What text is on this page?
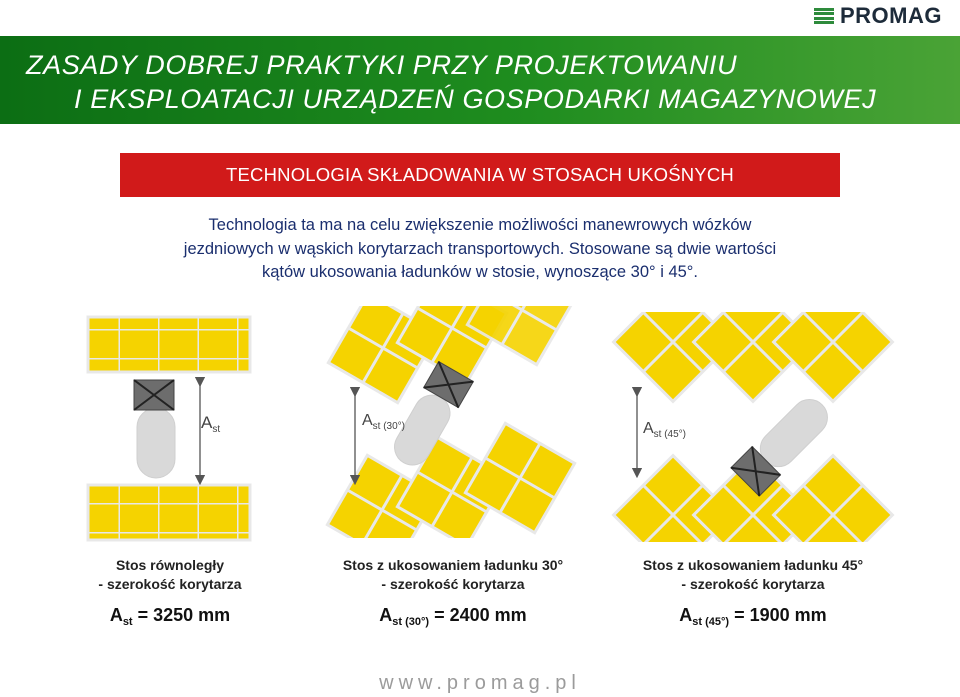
PROMAG
ZASADY DOBREJ PRAKTYKI PRZY PROJEKTOWANIU
I EKSPLOATACJI URZĄDZEŃ GOSPODARKI MAGAZYNOWEJ
TECHNOLOGIA SKŁADOWANIA W STOSACH UKOŚNYCH
Technologia ta ma na celu zwiększenie możliwości manewrowych wózków
jezdniowych w wąskich korytarzach transportowych. Stosowane są dwie wartości
kątów ukosowania ładunków w stosie, wynoszące 30° i 45°.
$A_{st}$
$A_{st (30^\circ)}$	$A_{st (45^\circ)}$
Stos równoległy
- szerokość korytarza
Stos z ukosowaniem ładunku 30°
- szerokość korytarza
Stos z ukosowaniem ładunku 45°
- szerokość korytarza
$A_{st} = 3250$ mm	$A_{st (30^\circ)} = 2400$ mm	$A_{st (45^\circ)} = 1900$ mm
www.promag.pl
